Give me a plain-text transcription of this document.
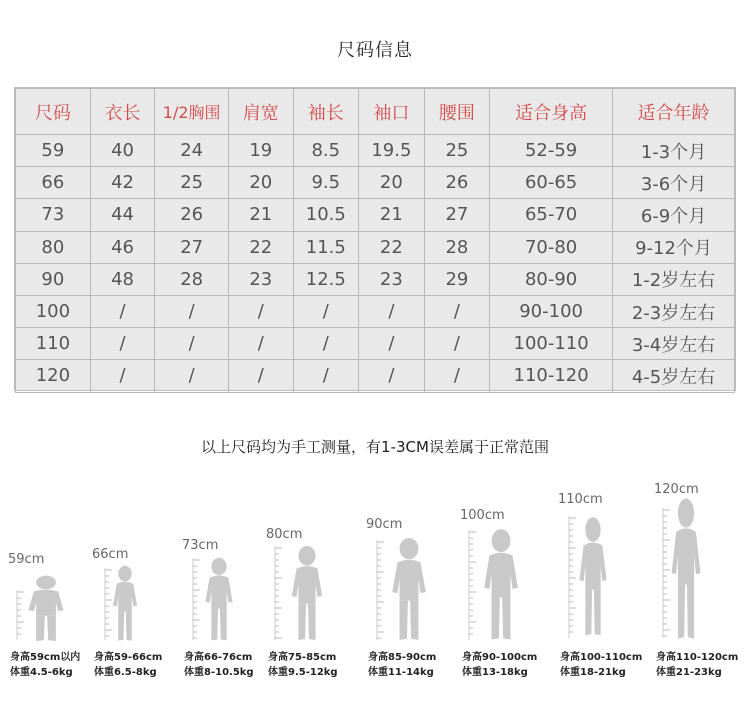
尺码信息
尺码	衣长	1/2胸围	肩宽	袖长	袖口	腰围	适合身高	适合年龄
59	40	24	19	8.5	19.5	25	52-59	1-3个月
66	42	25	20	9.5	20	26	60-65	3-6个月
73	44	26	21	10.5	21	27	65-70	6-9个月
80	46	27	22	11.5	22	28	70-80	9-12个月
90	48	28	23	12.5	23	29	80-90	1-2岁左右
100	/	/	/	/	/	/	90-100	2-3岁左右
110	/	/	/	/	/	/	100-110	3-4岁左右
120	/	/	/	/	/	/	110-120	4-5岁左右
以上尺码均为手工测量，有1-3CM误差属于正常范围
59cm
身高59cm以内
体重4.5-6kg
66cm
身高59-66cm
体重6.5-8kg
73cm
身高66-76cm
体重8-10.5kg
80cm
身高75-85cm
体重9.5-12kg
90cm
身高85-90cm
体重11-14kg
100cm
身高90-100cm
体重13-18kg
110cm
身高100-110cm
体重18-21kg
120cm
身高110-120cm
体重21-23kg
